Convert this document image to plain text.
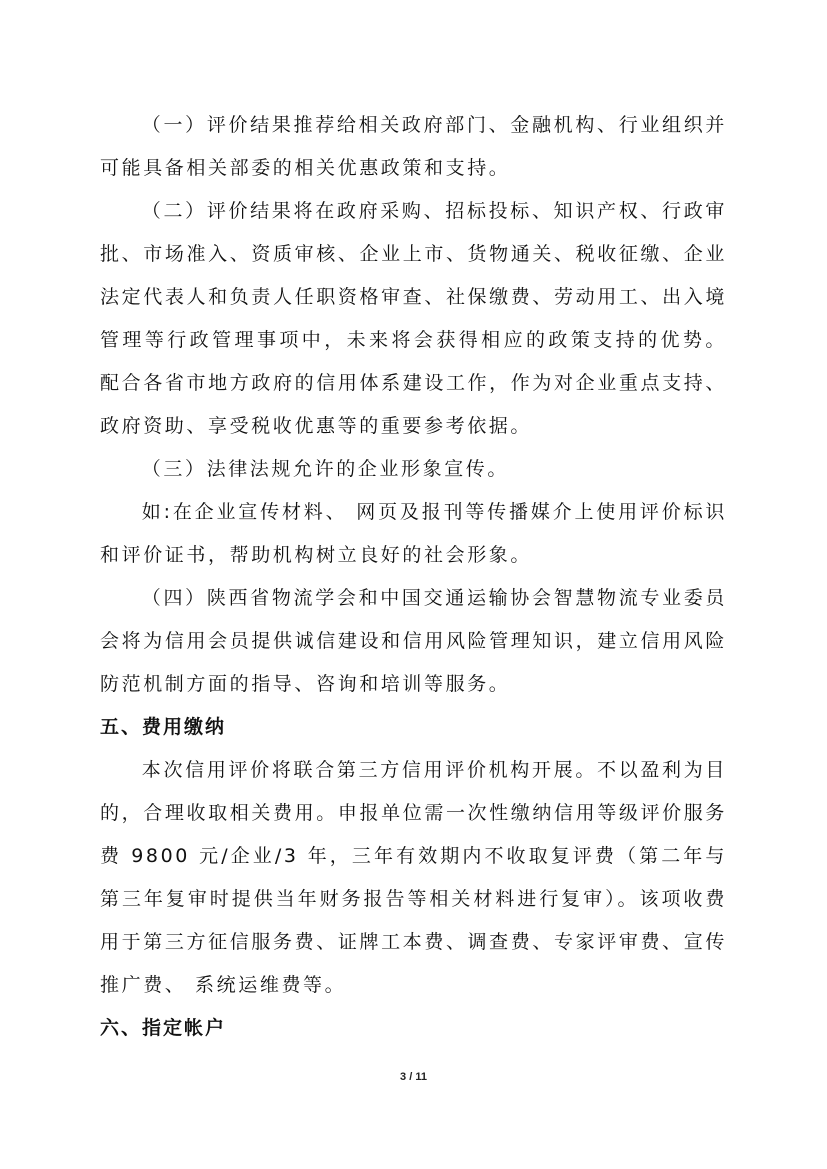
（一）评价结果推荐给相关政府部门、金融机构、行业组织并可能具备相关部委的相关优惠政策和支持。

（二）评价结果将在政府采购、招标投标、知识产权、行政审批、市场准入、资质审核、企业上市、货物通关、税收征缴、企业法定代表人和负责人任职资格审查、社保缴费、劳动用工、出入境管理等行政管理事项中，未来将会获得相应的政策支持的优势。 配合各省市地方政府的信用体系建设工作，作为对企业重点支持、政府资助、享受税收优惠等的重要参考依据。

（三）法律法规允许的企业形象宣传。

如:在企业宣传材料、 网页及报刊等传播媒介上使用评价标识和评价证书，帮助机构树立良好的社会形象。

（四）陕西省物流学会和中国交通运输协会智慧物流专业委员会将为信用会员提供诚信建设和信用风险管理知识，建立信用风险防范机制方面的指导、咨询和培训等服务。

五、费用缴纳

本次信用评价将联合第三方信用评价机构开展。不以盈利为目的，合理收取相关费用。申报单位需一次性缴纳信用等级评价服务费 9800 元/企业/3 年，三年有效期内不收取复评费（第二年与第三年复审时提供当年财务报告等相关材料进行复审）。该项收费用于第三方征信服务费、证牌工本费、调查费、专家评审费、宣传推广费、 系统运维费等。

六、指定帐户

3 / 11
